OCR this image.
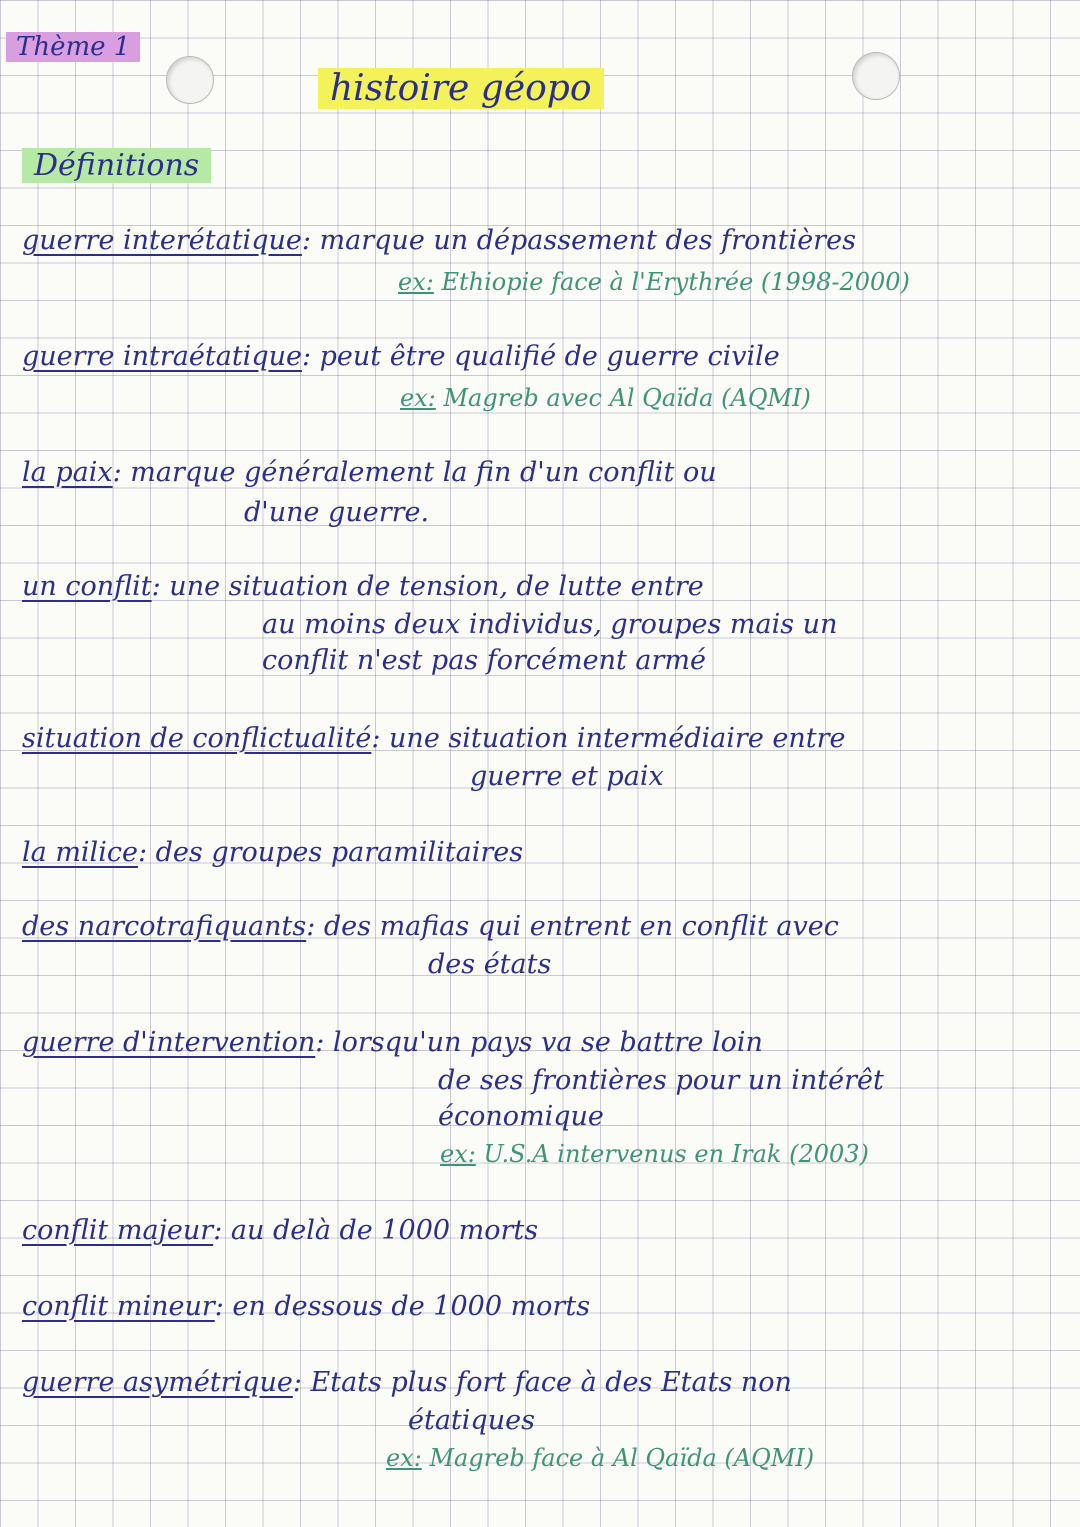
Thème 1
histoire géopo
Définitions
guerre interétatique: marque un dépassement des frontières
ex: Ethiopie face à l'Erythrée (1998-2000)
guerre intraétatique: peut être qualifié de guerre civile
ex: Magreb avec Al Qaïda (AQMI)
la paix: marque généralement la fin d'un conflit ou
d'une guerre.
un conflit: une situation de tension, de lutte entre
au moins deux individus, groupes mais un
conflit n'est pas forcément armé
situation de conflictualité: une situation intermédiaire entre
guerre et paix
la milice: des groupes paramilitaires
des narcotrafiquants: des mafias qui entrent en conflit avec
des états
guerre d'intervention: lorsqu'un pays va se battre loin
de ses frontières pour un intérêt
économique
ex: U.S.A intervenus en Irak (2003)
conflit majeur: au delà de 1000 morts
conflit mineur: en dessous de 1000 morts
guerre asymétrique: Etats plus fort face à des Etats non
étatiques
ex: Magreb face à Al Qaïda (AQMI)
